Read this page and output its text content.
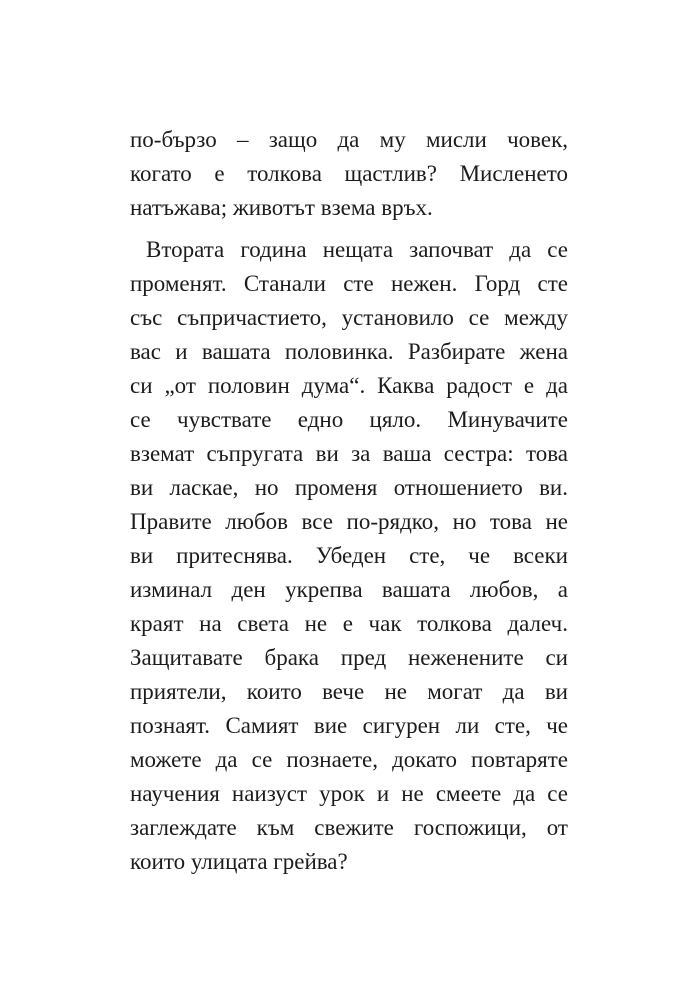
по-бързо – защо да му мисли човек,
когато е толкова щастлив? Мисленето
натъжава; животът взема връх.
Втората година нещата започват да се
променят. Станали сте нежен. Горд сте
със съпричастието, установило се между
вас и вашата половинка. Разбирате жена
си „от половин дума“. Каква радост е да
се чувствате едно цяло. Минувачите
вземат съпругата ви за ваша сестра: това
ви ласкае, но променя отношението ви.
Правите любов все по-рядко, но това не
ви притеснява. Убеден сте, че всеки
изминал ден укрепва вашата любов, а
краят на света не е чак толкова далеч.
Защитавате брака пред неженените си
приятели, които вече не могат да ви
познаят. Самият вие сигурен ли сте, че
можете да се познаете, докато повтаряте
научения наизуст урок и не смеете да се
заглеждате към свежите госпожици, от
които улицата грейва?
